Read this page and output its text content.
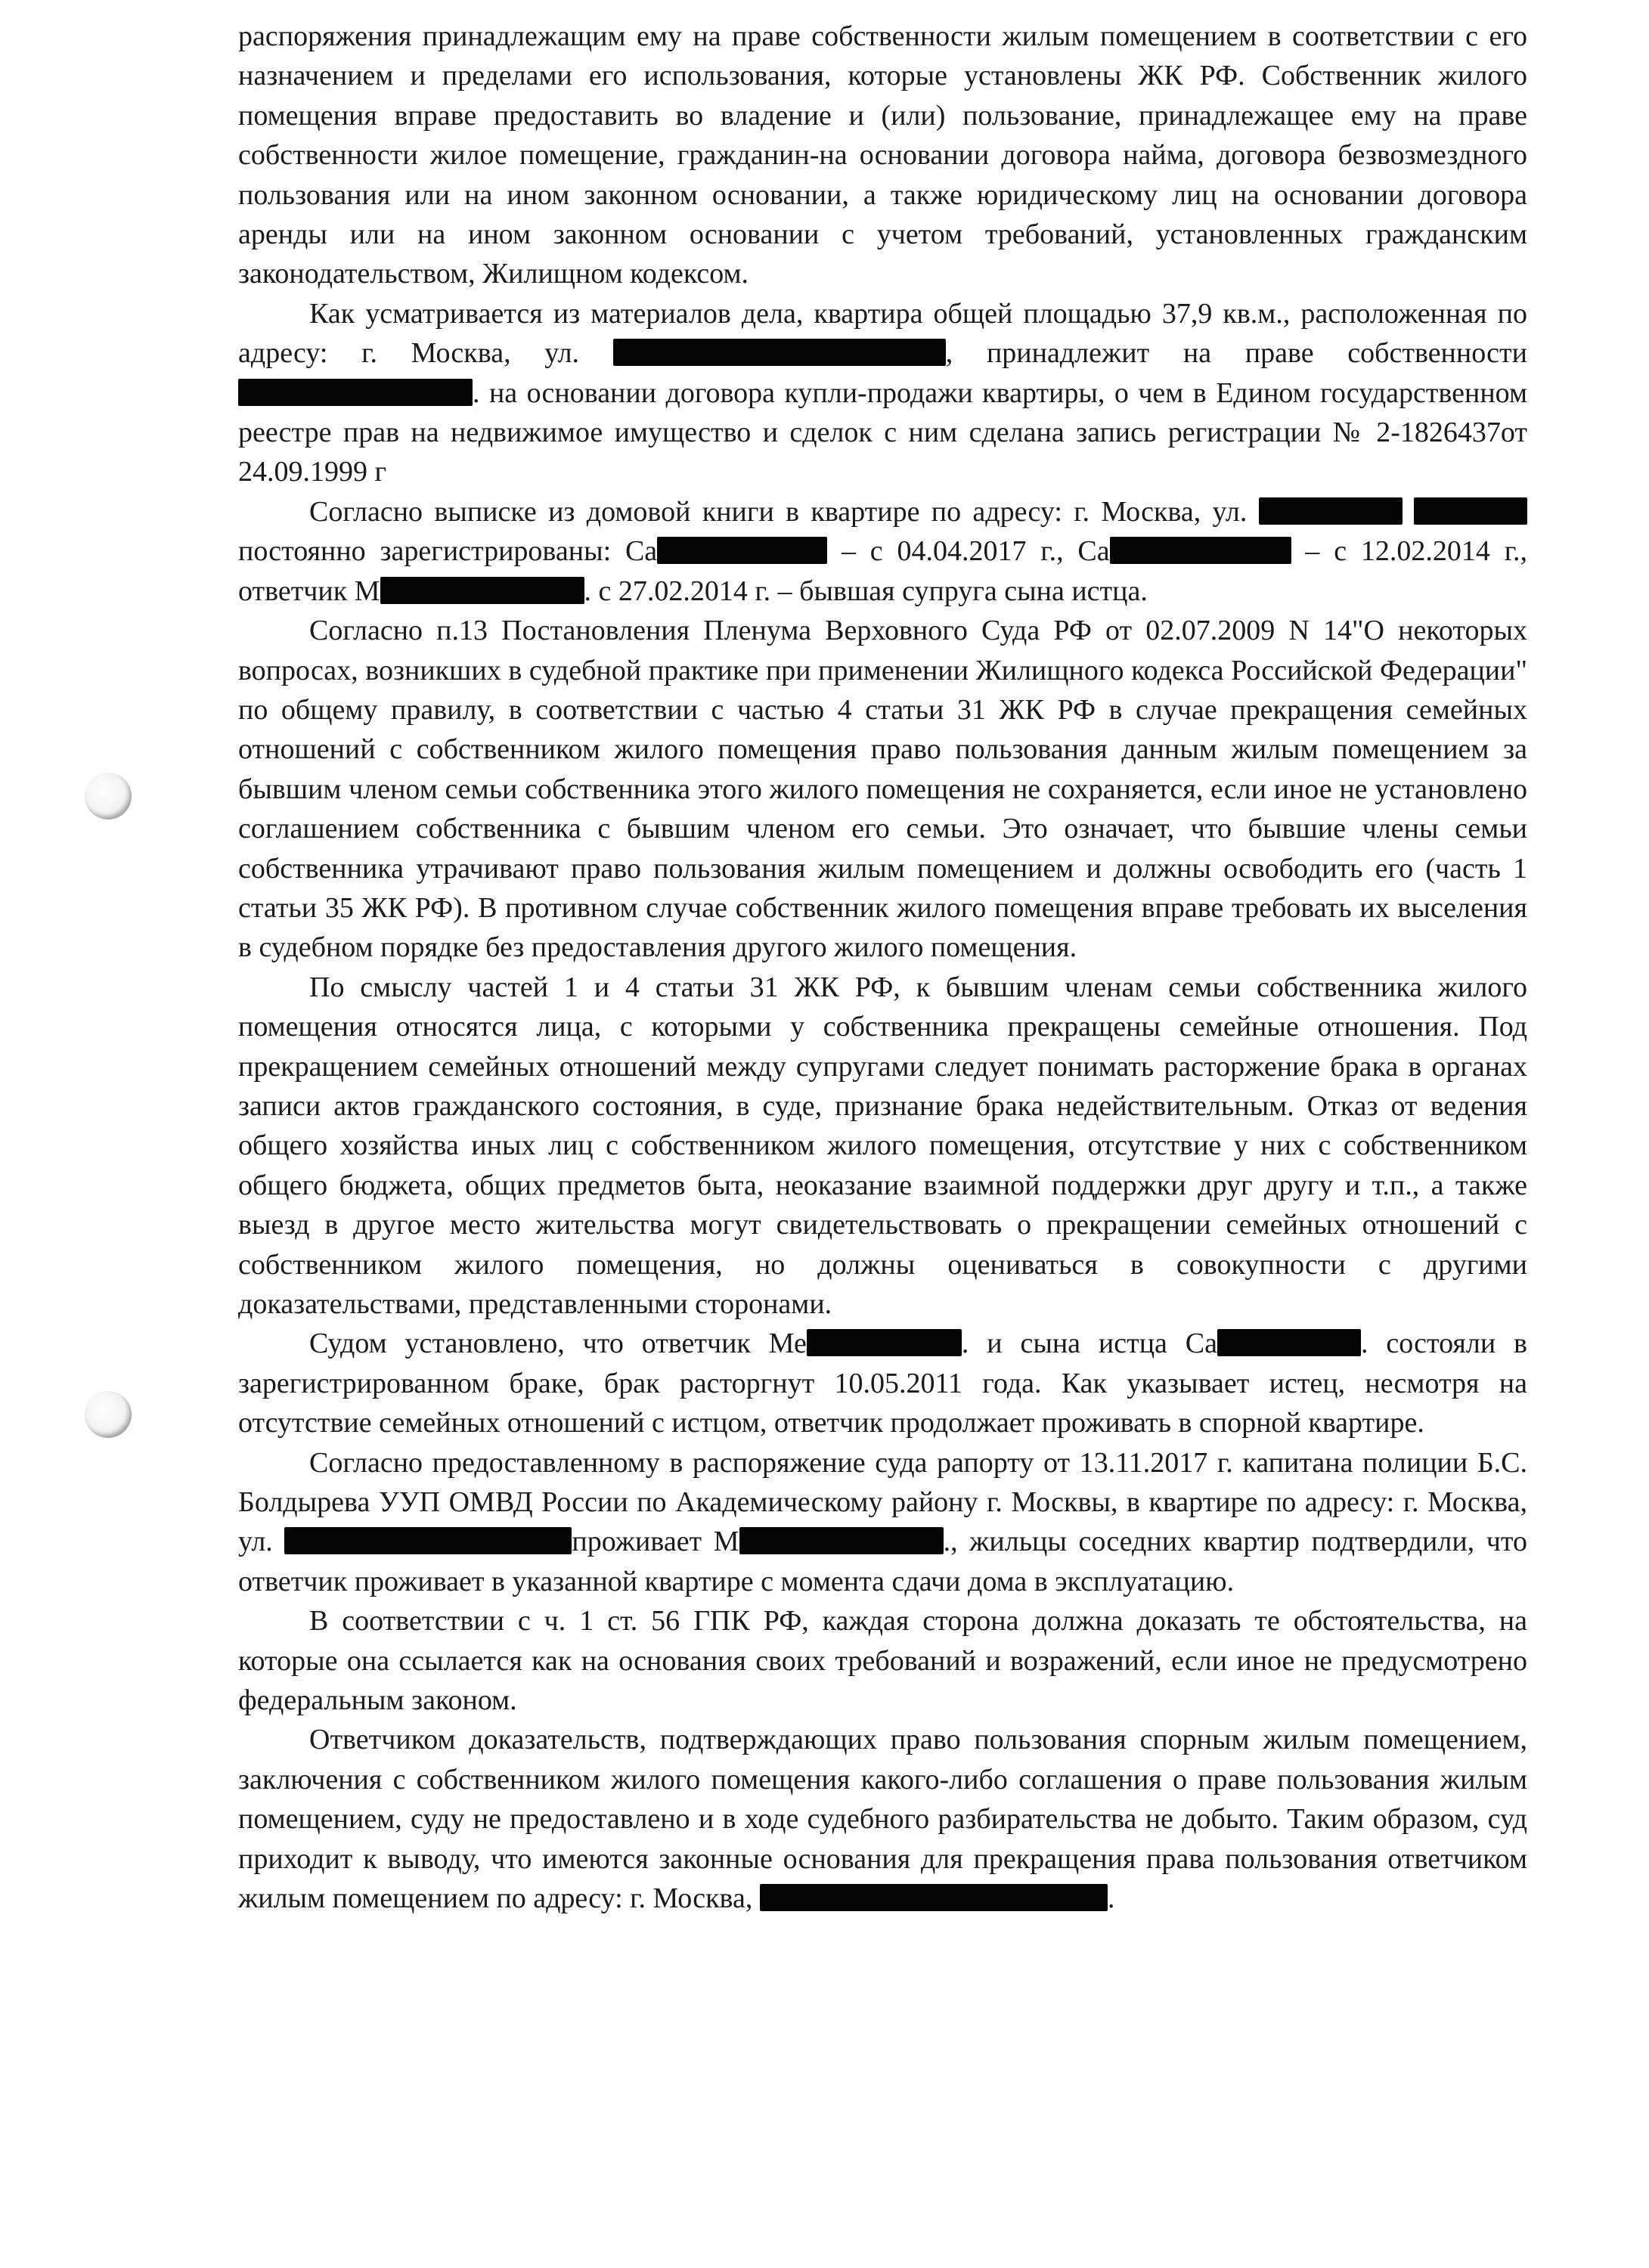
распоряжения принадлежащим ему на праве собственности жилым помещением в соответствии с его назначением и пределами его использования, которые установлены ЖК РФ. Собственник жилого помещения вправе предоставить во владение и (или) пользование, принадлежащее ему на праве собственности жилое помещение, гражданин-на основании договора найма, договора безвозмездного пользования или на ином законном основании, а также юридическому лиц на основании договора аренды или на ином законном основании с учетом требований, установленных гражданским законодательством, Жилищном кодексом.

Как усматривается из материалов дела, квартира общей площадью 37,9 кв.м., расположенная по адресу: г. Москва, ул.	, принадлежит на праве собственности . на основании договора купли-продажи квартиры, о чем в Едином государственном реестре прав на недвижимое имущество и сделок с ним сделана запись регистрации № 2-1826437от 24.09.1999 г

Согласно выписке из домовой книги в квартире по адресу: г. Москва, ул.   постоянно зарегистрированы: Са	– с 04.04.2017 г., Са	– с 12.02.2014 г., ответчик М	. с 27.02.2014 г. – бывшая супруга сына истца.

Согласно п.13 Постановления Пленума Верховного Суда РФ от 02.07.2009 N 14"О некоторых вопросах, возникших в судебной практике при применении Жилищного кодекса Российской Федерации" по общему правилу, в соответствии с частью 4 статьи 31 ЖК РФ в случае прекращения семейных отношений с собственником жилого помещения право пользования данным жилым помещением за бывшим членом семьи собственника этого жилого помещения не сохраняется, если иное не установлено соглашением собственника с бывшим членом его семьи. Это означает, что бывшие члены семьи собственника утрачивают право пользования жилым помещением и должны освободить его (часть 1 статьи 35 ЖК РФ). В противном случае собственник жилого помещения вправе требовать их выселения в судебном порядке без предоставления другого жилого помещения.

По смыслу частей 1 и 4 статьи 31 ЖК РФ, к бывшим членам семьи собственника жилого помещения относятся лица, с которыми у собственника прекращены семейные отношения. Под прекращением семейных отношений между супругами следует понимать расторжение брака в органах записи актов гражданского состояния, в суде, признание брака недействительным. Отказ от ведения общего хозяйства иных лиц с собственником жилого помещения, отсутствие у них с собственником общего бюджета, общих предметов быта, неоказание взаимной поддержки друг другу и т.п., а также выезд в другое место жительства могут свидетельствовать о прекращении семейных отношений с собственником жилого помещения, но должны оцениваться в совокупности с другими доказательствами, представленными сторонами.

Судом установлено, что ответчик Ме	. и сына истца Са	. состояли в зарегистрированном браке, брак расторгнут 10.05.2011 года. Как указывает истец, несмотря на отсутствие семейных отношений с истцом, ответчик продолжает проживать в спорной квартире.

Согласно предоставленному в распоряжение суда рапорту от 13.11.2017 г. капитана полиции Б.С. Болдырева УУП ОМВД России по Академическому району г. Москвы, в квартире по адресу: г. Москва, ул.	проживает М	., жильцы соседних квартир подтвердили, что ответчик проживает в указанной квартире с момента сдачи дома в эксплуатацию.

В соответствии с ч. 1 ст. 56 ГПК РФ, каждая сторона должна доказать те обстоятельства, на которые она ссылается как на основания своих требований и возражений, если иное не предусмотрено федеральным законом.

Ответчиком доказательств, подтверждающих право пользования спорным жилым помещением, заключения с собственником жилого помещения какого-либо соглашения о праве пользования жилым помещением, суду не предоставлено и в ходе судебного разбирательства не добыто. Таким образом, суд приходит к выводу, что имеются законные основания для прекращения права пользования ответчиком жилым помещением по адресу: г. Москва,	.
